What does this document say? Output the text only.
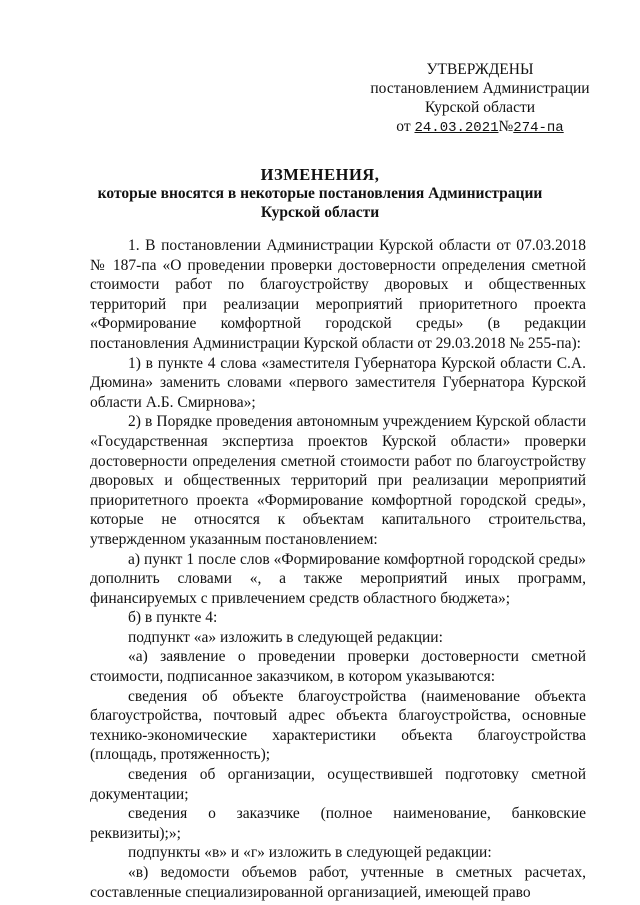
УТВЕРЖДЕНЫ
постановлением Администрации
Курской области
от 24.03.2021№274-па
ИЗМЕНЕНИЯ,
которые вносятся в некоторые постановления Администрации
Курской области

1. В постановлении Администрации Курской области от 07.03.2018 № 187-па «О проведении проверки достоверности определения сметной стоимости работ по благоустройству дворовых и общественных территорий при реализации мероприятий приоритетного проекта «Формирование комфортной городской среды» (в редакции постановления Администрации Курской области от 29.03.2018 № 255-па):

1) в пункте 4 слова «заместителя Губернатора Курской области С.А. Дюмина» заменить словами «первого заместителя Губернатора Курской области А.Б. Смирнова»;

2) в Порядке проведения автономным учреждением Курской области «Государственная экспертиза проектов Курской области» проверки достоверности определения сметной стоимости работ по благоустройству дворовых и общественных территорий при реализации мероприятий приоритетного проекта «Формирование комфортной городской среды», которые не относятся к объектам капитального строительства, утвержденном указанным постановлением:

а) пункт 1 после слов «Формирование комфортной городской среды» дополнить словами «, а также мероприятий иных программ, финансируемых с привлечением средств областного бюджета»;

б) в пункте 4:

подпункт «а» изложить в следующей редакции:

«а) заявление о проведении проверки достоверности сметной стоимости, подписанное заказчиком, в котором указываются:

сведения об объекте благоустройства (наименование объекта благоустройства, почтовый адрес объекта благоустройства, основные технико-экономические характеристики объекта благоустройства (площадь, протяженность);

сведения об организации, осуществившей подготовку сметной документации;

сведения о заказчике (полное наименование, банковские реквизиты);»;

подпункты «в» и «г» изложить в следующей редакции:

«в) ведомости объемов работ, учтенные в сметных расчетах, составленные специализированной организацией, имеющей право
